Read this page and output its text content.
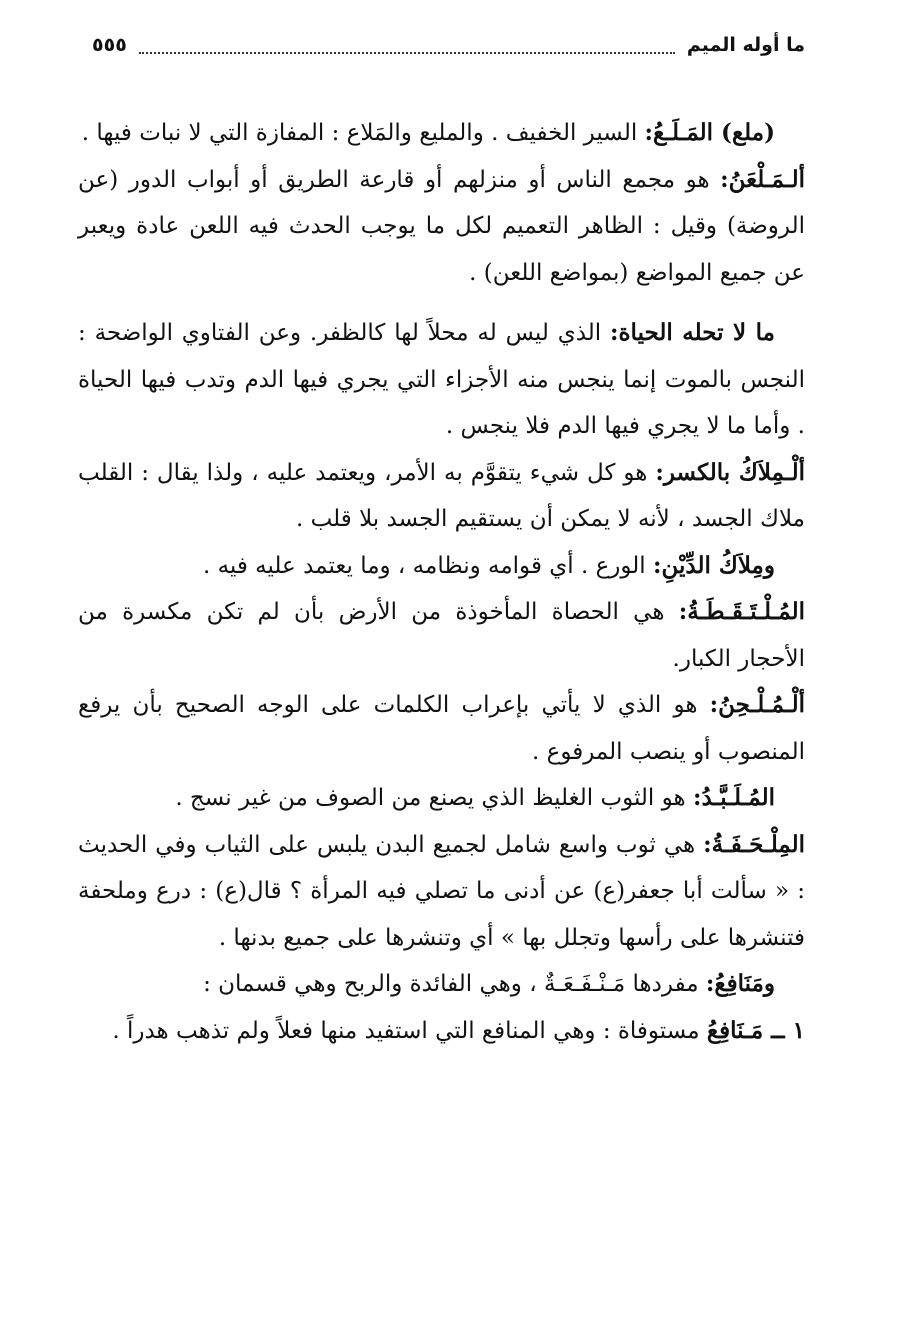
ما أوله الميم
٥٥٥

(ملع) المَـلَـعُ: السير الخفيف . والمليع والمَلاع : المفازة التي لا نبات فيها .

ألـمَـلْعَنُ: هو مجمع الناس أو منزلهم أو قارعة الطريق أو أبواب الدور (عن الروضة) وقيل : الظاهر التعميم لكل ما يوجب الحدث فيه اللعن عادة ويعبر عن جميع المواضع (بمواضع اللعن) .

ما لا تحله الحياة: الذي ليس له محلاً لها كالظفر. وعن الفتاوي الواضحة : النجس بالموت إنما ينجس منه الأجزاء التي يجري فيها الدم وتدب فيها الحياة . وأما ما لا يجري فيها الدم فلا ينجس .

ألْـمِلاَكُ بالكسر: هو كل شيء يتقوَّم به الأمر، ويعتمد عليه ، ولذا يقال : القلب ملاك الجسد ، لأنه لا يمكن أن يستقيم الجسد بلا قلب .

ومِلاَكُ الدِّيْنِ: الورع . أي قوامه ونظامه ، وما يعتمد عليه فيه .

المُـلْـتَـقَـطَـةُ: هي الحصاة المأخوذة من الأرض بأن لم تكن مكسرة من الأحجار الكبار.

ألْـمُـلْـحِنُ: هو الذي لا يأتي بإعراب الكلمات على الوجه الصحيح بأن يرفع المنصوب أو ينصب المرفوع .

المُـلَـبَّـدُ: هو الثوب الغليظ الذي يصنع من الصوف من غير نسج .

المِلْـحَـفَـةُ: هي ثوب واسع شامل لجميع البدن يلبس على الثياب وفي الحديث : « سألت أبا جعفر(ع) عن أدنى ما تصلي فيه المرأة ؟ قال(ع) : درع وملحفة فتنشرها على رأسها وتجلل بها » أي وتنشرها على جميع بدنها .

ومَنَافِعُ: مفردها مَـنْـفَـعَـةٌ ، وهي الفائدة والربح وهي قسمان :

١ ــ مَـنَافِعُ مستوفاة : وهي المنافع التي استفيد منها فعلاً ولم تذهب هدراً .
